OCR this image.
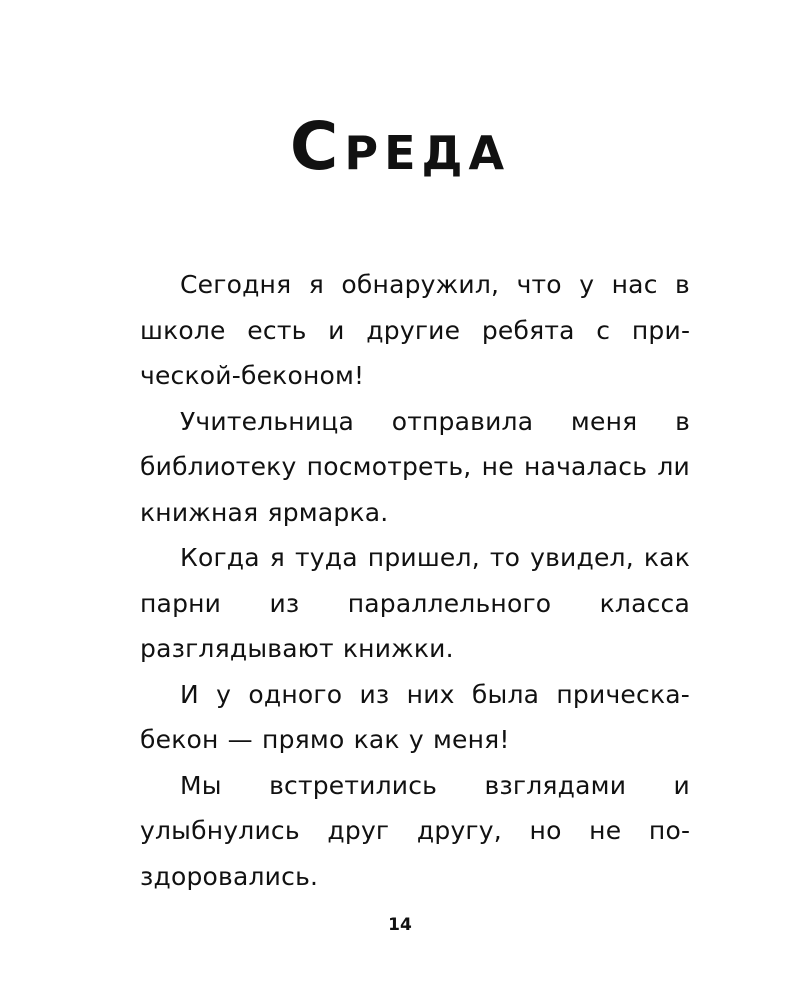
Среда

Сегодня я обнаружил, что у нас в школе есть и другие ребята с прической-беконом!

Учительница отправила меня в библиотеку посмотреть, не началась ли книжная ярмарка.

Когда я туда пришел, то увидел, как парни из параллельного класса разглядывают книжки.

И у одного из них была прическа-бекон — прямо как у меня!

Мы встретились взглядами и улыбнулись друг другу, но не поздоровались.

14
